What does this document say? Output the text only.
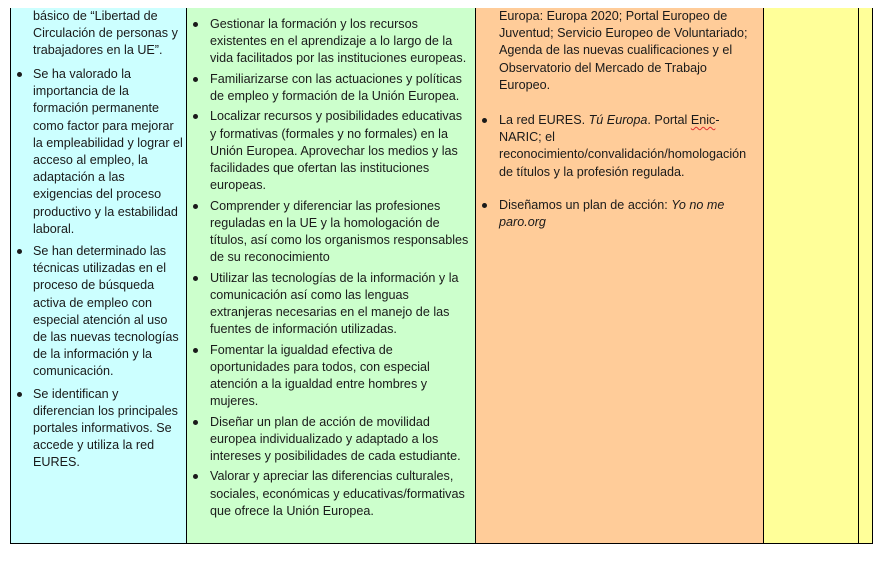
básico de “Libertad de Circulación de personas y trabajadores en la UE”.
Se ha valorado la importancia de la formación permanente como factor para mejorar la empleabilidad y lograr el acceso al empleo, la adaptación a las exigencias del proceso productivo y la estabilidad laboral.
Se han determinado las técnicas utilizadas en el proceso de búsqueda activa de empleo con especial atención al uso de las nuevas tecnologías de la información y la comunicación.
Se identifican y diferencian los principales portales informativos. Se accede y utiliza la red EURES.
Gestionar la formación y los recursos existentes en el aprendizaje a lo largo de la vida facilitados por las instituciones europeas.
Familiarizarse con las actuaciones y políticas de empleo y formación de la Unión Europea.
Localizar recursos y posibilidades educativas y formativas (formales y no formales) en la Unión Europea. Aprovechar los medios y las facilidades que ofertan las instituciones europeas.
Comprender y diferenciar las profesiones reguladas en la UE y la homologación de títulos, así como los organismos responsables de su reconocimiento
Utilizar las tecnologías de la información y la comunicación así como las lenguas extranjeras necesarias en el manejo de las fuentes de información utilizadas.
Fomentar la igualdad efectiva de oportunidades para todos, con especial atención a la igualdad entre hombres y mujeres.
Diseñar un plan de acción de movilidad europea individualizado y adaptado a los intereses y posibilidades de cada estudiante.
Valorar y apreciar las diferencias culturales, sociales, económicas y educativas/formativas que ofrece la Unión Europea.
Europa: Europa 2020; Portal Europeo de Juventud; Servicio Europeo de Voluntariado; Agenda de las nuevas cualificaciones y el Observatorio del Mercado de Trabajo Europeo.
La red EURES. Tú Europa. Portal Enic-NARIC; el reconocimiento/convalidación/homologación de títulos y la profesión regulada.
Diseñamos un plan de acción: Yo no me paro.org
